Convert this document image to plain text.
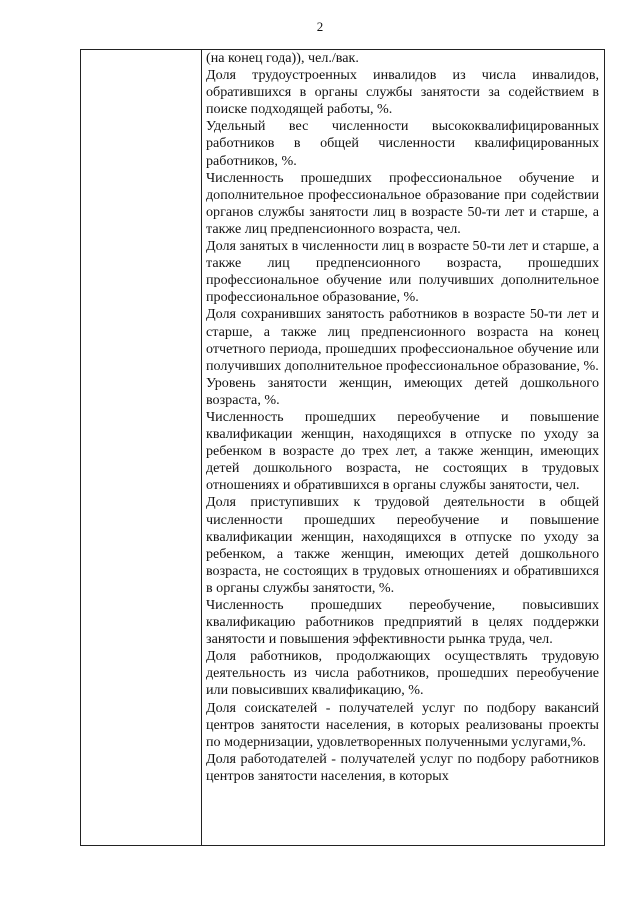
2

(на конец года)), чел./вак.

Доля трудоустроенных инвалидов из числа инвалидов, обратившихся в органы службы занятости за содействием в поиске подходящей работы, %.

Удельный вес численности высококвалифицированных работников в общей численности квалифицированных работников, %.

Численность прошедших профессиональное обучение и дополнительное профессиональное образование при содействии органов службы занятости лиц в возрасте 50-ти лет и старше, а также лиц предпенсионного возраста, чел.

Доля занятых в численности лиц в возрасте 50-ти лет и старше, а также лиц предпенсионного возраста, прошедших профессиональное обучение или получивших дополнительное профессиональное образование, %.

Доля сохранивших занятость работников в возрасте 50-ти лет и старше, а также лиц предпенсионного возраста на конец отчетного периода, прошедших профессиональное обучение или получивших дополнительное профессиональное образование, %.

Уровень занятости женщин, имеющих детей дошкольного возраста, %.

Численность прошедших переобучение и повышение квалификации женщин, находящихся в отпуске по уходу за ребенком в возрасте до трех лет, а также женщин, имеющих детей дошкольного возраста, не состоящих в трудовых отношениях и обратившихся в органы службы занятости, чел.

Доля приступивших к трудовой деятельности в общей численности прошедших переобучение и повышение квалификации женщин, находящихся в отпуске по уходу за ребенком, а также женщин, имеющих детей дошкольного возраста, не состоящих в трудовых отношениях и обратившихся в органы службы занятости, %.

Численность прошедших переобучение, повысивших квалификацию работников предприятий в целях поддержки занятости и повышения эффективности рынка труда, чел.

Доля работников, продолжающих осуществлять трудовую деятельность из числа работников, прошедших переобучение или повысивших квалификацию, %.

Доля соискателей - получателей услуг по подбору вакансий центров занятости населения, в которых реализованы проекты по модернизации, удовлетворенных полученными услугами,%.

Доля работодателей - получателей услуг по подбору работников центров занятости населения, в которых
